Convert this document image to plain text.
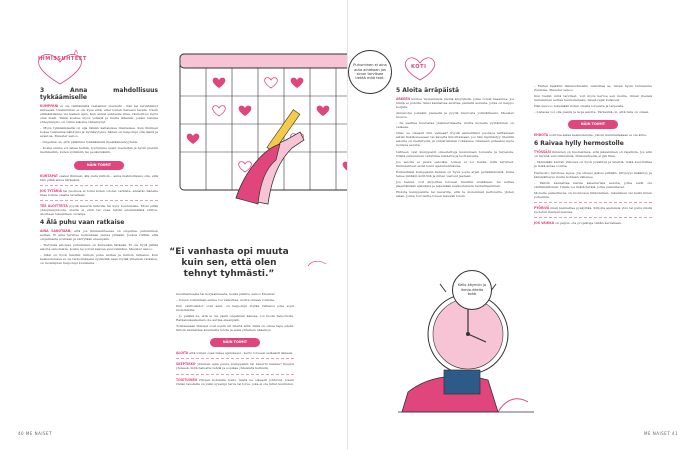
IHMISSUHTEET
3 Anna mahdollisuus tykkäämiselle

KUMPPANI ei ole välttämättä vastannut viesteihi - hän tai seivähtänyt kiireessä. Useimmiten ei ole kyse siitä, ettei toinen haluaisi tavata. Usein elämäntilanne vie kaiken ajan. Kun annat suhteelle tilaa, rauhoittuu myös oma mieli. Tämä koskee myös ystäviä ja muita läheisiä, joiden kanssa yhteydenpito on viime aikoina vähentynyt.

– Myös tykkäämisellä on sija tämän kaltaisissa tilanteissa. Kun ihminen kokee tulevansa nähdyksi ja hyväksytyksi, hänen on helpompi olla läsnä ja avautua, Meuster sanoo.

– Ongelma on, että pidämme tykkäämistä itsestäänselvyytenä.

– Koska emme voi jakaa hetkiä, tyydymme usein viesteihin ja hyvin pieniin merkkeihin, kuten sydämiin tai peukutuksiin.

NÄIN TOIMIT

KUNTAPAT osaksi Ihmisen, älä oleta milloin – anna mahdollisuus olla, että hän pitää sinua tärkeänä.

JOS TYTÄRIÄ tai puolisoa ei toimi kuten odotat, tarkista, annatko hänelle tilaa toimia omalla tavallaan.

TEE ALOITTEITA pyydä kaveria kahville tai kysy kuulumisia. Moni pitää yhteydenpidosta, mutta ei ehdi tai osaa tehdä ensimmäistä siirtoa. Aloitteen tekeminen on lahja.

4 Älä puhu vaan ratkaise

AINA SANOTAAN, että jos ihmissuhteessa on ongelma, puhuminen auttaa. Ei aina tarvitse kuitenkaan puhua pitkään. Joskus riittää, että ongelmasta sovitaan ja siirrytään eteenpäin.

– Tietyissä asioissa puhuminen on kuitenkin tärkeää. Ei ole hyvä jättää asioita sanomatta, koska ne voivat kasvaa suuremmiksi, Meuster sanoo.

– Siksi on hyvä miettiä, milloin puhe auttaa ja milloin ratkaisu. Kun keskustelussa ei ole tarkoituksena syyllistää vaan löytää yhteinen ratkaisu, on molempien helpompi kuunnella.

“Ei vanhasta opi muuta kuin sen, että olen tehnyt tyhmästi.”

muuttamisesta tai korjaamisesta, koska päätös, sanoo Meuster.

– Toisen toimintaan emme voi vaikuttaa, mutta omaan voimme.

Kun vaihtoehdot ovat auki, on helpompi löytää ratkaisu joka sopii molemmille.

– Jo pelkkä se, että ei ole yksin ongelman kanssa, voi tuoda helpotusta. Ratkaisukeskeinen ote auttaa eteenpäin.

Toimiessaan ihmiset ovat usein eri mieltä siitä, mikä on oikea tapa edetä. Silloin kannattaa kuunnella toista ja etsiä yhteinen näkemys.

NÄIN TOIMIT

ALOITA että toinen osaa lukea ajatuksesi - kerro toiveesi selkeästi ääneen.

SKEPTIKKO yhteisen ajan puute kumppanin tai kaverin kanssa? Kysyisi yhdessä, mitä haluatte tehdä ja sopikaa yhteisistä hetkistä.

TOISTUVIEN riitojen kohdalla mieti, mistä ne oikeasti johtuvat. Usein riidan taustalla on jokin syvempi tarve tai toive, joka ei ole tullut kuulluksi.

40 ME NAISET
Puhuminen ei aina auta ainakaan jos sinun tarvitsee tietää mitä teet.
KOTI
5 Aloita ärräpäistä

ARKEEN kuuluu monenlaisia pieniä ärsytyksiä, jotka voivat kasautua, jos niistä ei puhuta. Siksi kannattaa aloittaa pienistä asioista, jotka on helppo korjata.

Annanotja jostakin pienestä ja pyydä muutosta ystävällisesti, Meuster neuvoo.

– Se saattaa kuulostaa yksinkertaiselta, mutta monelle pyytäminen on vaikeaa.

Onko se oikeasti niin vaikeaa? Pyydä esimerkiksi puolisoa laittamaan astiat tiskikoneeseen tai kaveria ilmoittamaan, jos hän myöhästyy. Pienillä asioilla on merkitystä, ja onnistuminen rohkaisee ottamaan puheeksi myös isompia asioita.

Lähteen ovat kumppanit oikeutettuja kuulumaan toiveista ja tarpeista. Niistä puhuminen vahvistaa suhdetta ja luottamusta.

Jos asioita ei pueta sanoiksi, toinen ei voi tietää, mitä tarvitset. Ihmissuhteet eivät toimi ajatustenlukuna.

Esimerkiksi kumppanin kanssa on hyvä sopia arjen pelisäännöistä. Kuka tekee mitäkin kotitöitä ja miten vastuut jaetaan.

Jos haluat, voit kirjoittaa toiveesi muistiin etukäteen. Se auttaa jäsentämään ajatuksia ja tekemään keskustelusta rauhallisemman.

Ehdota kumppanille tai kaverille, että te molemmat kertoisitte yhden asian, jonka toivoisitte toisen tekevän toisin.

Kello käymiin ja ihmisuhteita kohti

– Eniten kaikkiin ihmissuhteisiin vaikuttaa se, miten hyvin tunnemme itsemme, Meuster sanoo.

Kun tiedät, mitä tarvitset, voit myös kertoa sen muille. Oman itsensä tunteminen auttaa tunnistamaan, missä rajat kulkevat.

Hän neuvoo tekemään listan omista toiveista ja tarpeista.

– Listassa voi olla pieniä ja isoja asioita. Tärkeintä on, että lista on omasi.

NÄIN TOIMIT

EHDOTA sovittua aikaa keskustelulle, jolloin kummallakaan ei ole kiire.

6 Raivaa hylly hermostolle

TYÖSSÄSI ihmisten on huomattava, että jaksaminen on rajallista. Jos arki on täynnä velvollisuuksia, ihmissuhteille ei jää tilaa.

– Vähintään kerran viikossa on hyvä pysähtyä ja miettiä, mikä kuormittaa ja mikä antaa voimia.

Hermosto tarvitsee lepoa. Jos stressi jatkuu pitkään, ärtyisyys lisääntyy ja kärsivällisyys muita kohtaan vähenee.

– Tällöin kannattaa karsia kalenterista asioita, jotka eivät ole välttämättömiä. Tilalle voi lisätä hetkiä, jotka palauttavat.

Monelle palauttavaa on luonnossa liikkuminen, lukeminen tai hetki ilman puhelinta.

PYÖRIVÄ mieli kannattaa pysäyttää. Kirjoita ajatuksia ylös tai puhu niistä luotetun ihmisen kanssa.

JOS VAIKKA on paljon, ota projekteja vähän kerrallaan.

ME NAISET 41
